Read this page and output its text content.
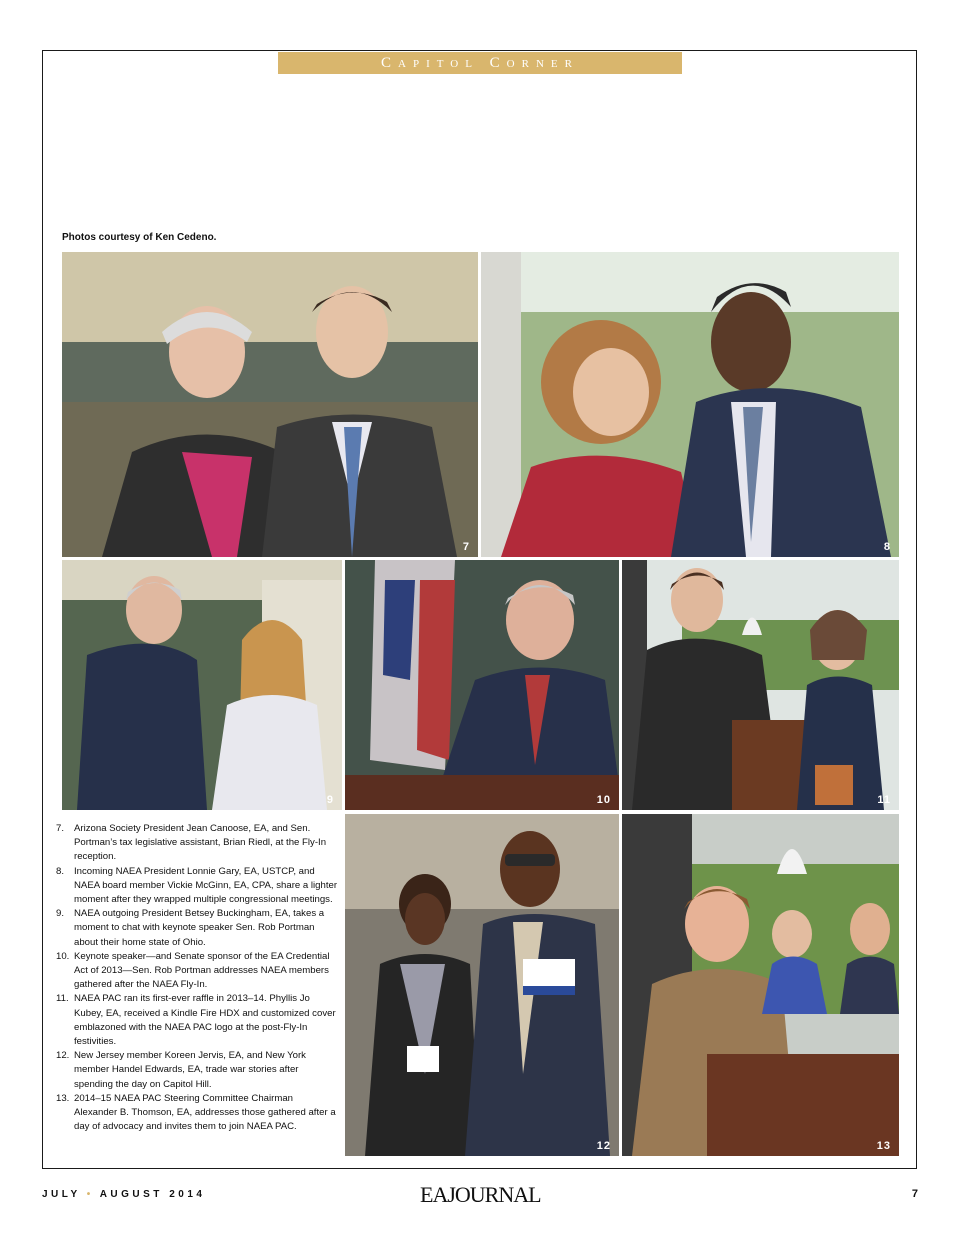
Capitol Corner
Photos courtesy of Ken Cedeno.
7	8
9	10	11
12	13
7. Arizona Society President Jean Canoose, EA, and Sen. Portman’s tax legislative assistant, Brian Riedl, at the Fly-In reception.
8. Incoming NAEA President Lonnie Gary, EA, USTCP, and NAEA board member Vickie McGinn, EA, CPA, share a lighter moment after they wrapped multiple congressional meetings.
9. NAEA outgoing President Betsey Buckingham, EA, takes a moment to chat with keynote speaker Sen. Rob Portman about their home state of Ohio.
10. Keynote speaker—and Senate sponsor of the EA Credential Act of 2013—Sen. Rob Portman addresses NAEA members gathered after the NAEA Fly-In.
11. NAEA PAC ran its first-ever raffle in 2013–14. Phyllis Jo Kubey, EA, received a Kindle Fire HDX and customized cover emblazoned with the NAEA PAC logo at the post-Fly-In festivities.
12. New Jersey member Koreen Jervis, EA, and New York member Handel Edwards, EA, trade war stories after spending the day on Capitol Hill.
13. 2014–15 NAEA PAC Steering Committee Chairman Alexander B. Thomson, EA, addresses those gathered after a day of advocacy and invites them to join NAEA PAC.
JULY • AUGUST 2014	EAJOURNAL	7
